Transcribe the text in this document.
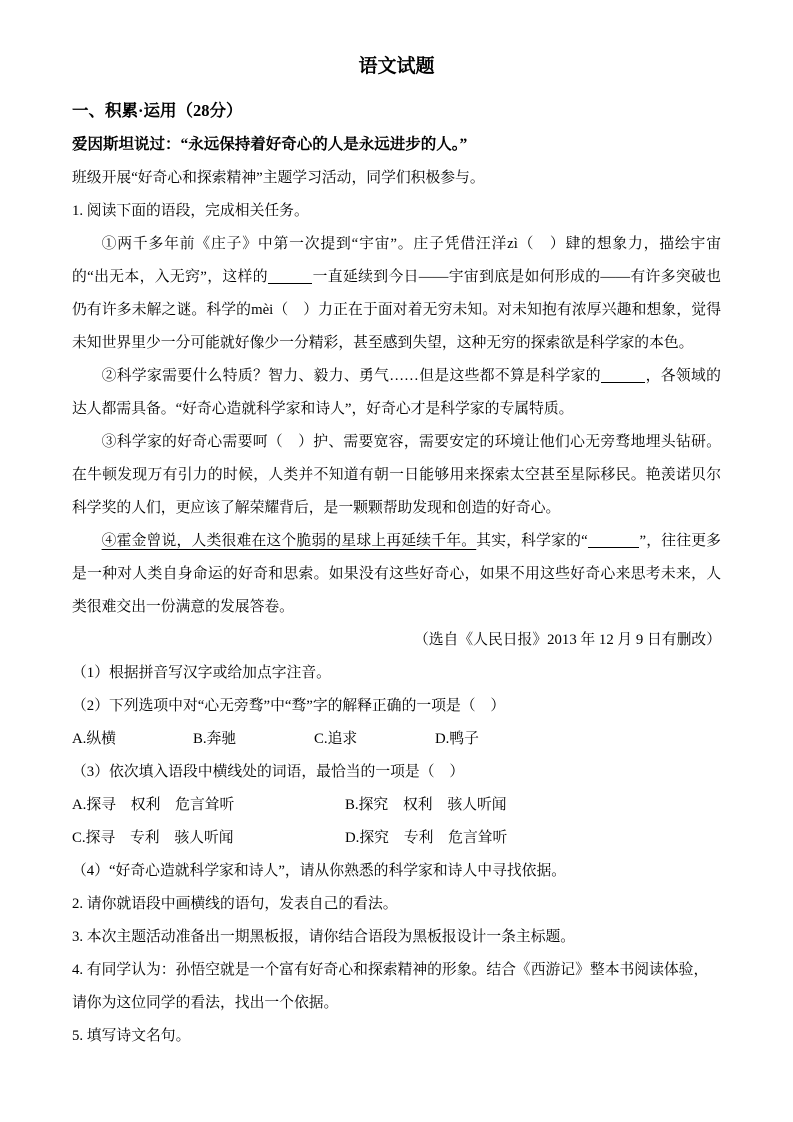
语文试题
一、积累·运用（28分）
爱因斯坦说过：“永远保持着好奇心的人是永远进步的人。”
班级开展“好奇心和探索精神”主题学习活动，同学们积极参与。
1. 阅读下面的语段，完成相关任务。
①两千多年前《庄子》中第一次提到“宇宙”。庄子凭借汪洋zì（　）肆的想象力，描绘宇宙的“出无本，入无窍”，这样的	一直延续到今日——宇宙到底是如何形成的——有许多突破也仍有许多未解之谜。科学的mèi（　）力正在于面对着无穷未知。对未知抱有浓厚兴趣和想象，觉得未知世界里少一分可能就好像少一分精彩，甚至感到失望，这种无穷的探索欲是科学家的本色。
②科学家需要什么特质？智力、毅力、勇气……但是这些都不算是科学家的	，各领域的达人都需具备。“好奇心造就科学家和诗人”，好奇心才是科学家的专属特质。
③科学家的好奇心需要呵（　）护、需要宽容，需要安定的环境让他们心无旁骛地埋头钻研。在牛顿发现万有引力的时候，人类并不知道有朝一日能够用来探索太空甚至星际移民。艳羡诺贝尔科学奖的人们，更应该了解荣耀背后，是一颗颗帮助发现和创造的好奇心。
④霍金曾说，人类很难在这个脆弱的星球上再延续千年。其实，科学家的“	”，往往更多是一种对人类自身命运的好奇和思索。如果没有这些好奇心，如果不用这些好奇心来思考未来，人类很难交出一份满意的发展答卷。
（选自《人民日报》2013 年 12 月 9 日有删改）
（1）根据拼音写汉字或给加点字注音。
（2）下列选项中对“心无旁骛”中“骛”字的解释正确的一项是（　）
A.纵横	B.奔驰	C.追求	D.鸭子
（3）依次填入语段中横线处的词语，最恰当的一项是（　）
A.探寻　权利　危言耸听	B.探究　权利　骇人听闻
C.探寻　专利　骇人听闻	D.探究　专利　危言耸听
（4）“好奇心造就科学家和诗人”，请从你熟悉的科学家和诗人中寻找依据。
2. 请你就语段中画横线的语句，发表自己的看法。
3. 本次主题活动准备出一期黑板报，请你结合语段为黑板报设计一条主标题。
4. 有同学认为：孙悟空就是一个富有好奇心和探索精神的形象。结合《西游记》整本书阅读体验，请你为这位同学的看法，找出一个依据。
5. 填写诗文名句。
